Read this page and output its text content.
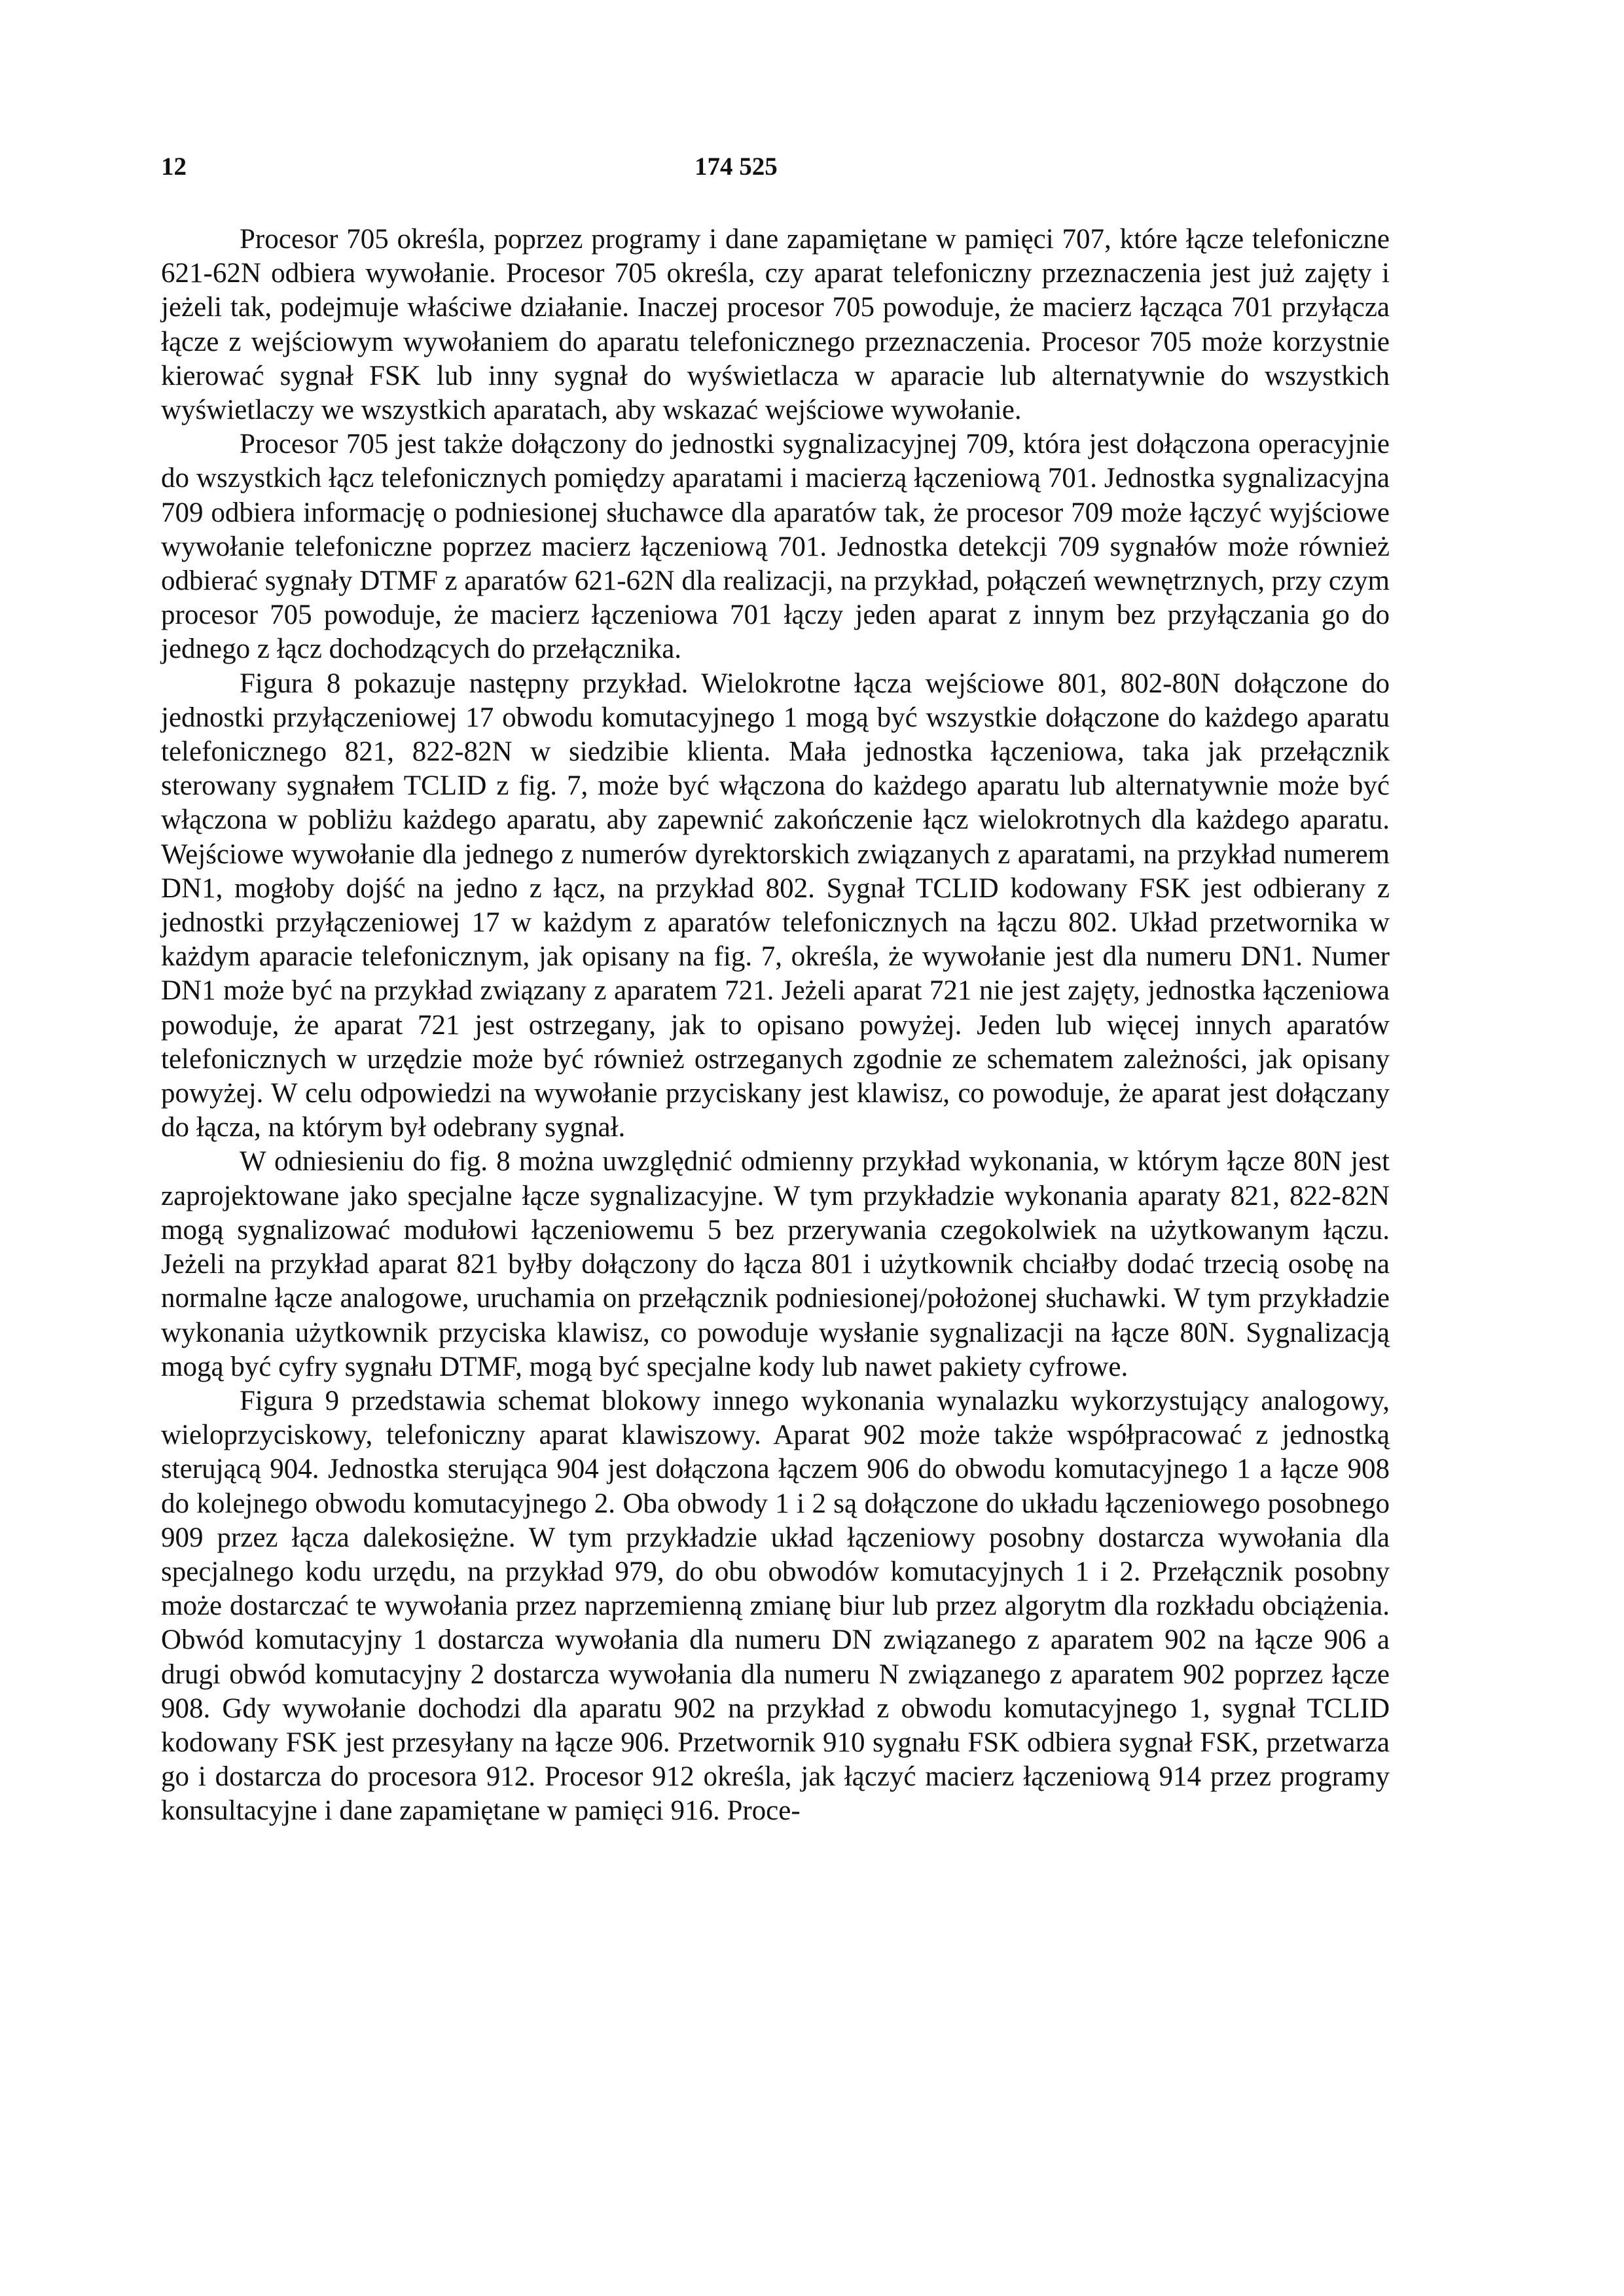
12	174 525

Procesor 705 określa, poprzez programy i dane zapamiętane w pamięci 707, które łącze telefoniczne 621-62N odbiera wywołanie. Procesor 705 określa, czy aparat telefoniczny przeznaczenia jest już zajęty i jeżeli tak, podejmuje właściwe działanie. Inaczej procesor 705 powoduje, że macierz łącząca 701 przyłącza łącze z wejściowym wywołaniem do aparatu telefonicznego przeznaczenia. Procesor 705 może korzystnie kierować sygnał FSK lub inny sygnał do wyświetlacza w aparacie lub alternatywnie do wszystkich wyświetlaczy we wszystkich aparatach, aby wskazać wejściowe wywołanie.

Procesor 705 jest także dołączony do jednostki sygnalizacyjnej 709, która jest dołączona operacyjnie do wszystkich łącz telefonicznych pomiędzy aparatami i macierzą łączeniową 701. Jednostka sygnalizacyjna 709 odbiera informację o podniesionej słuchawce dla aparatów tak, że procesor 709 może łączyć wyjściowe wywołanie telefoniczne poprzez macierz łączeniową 701. Jednostka detekcji 709 sygnałów może również odbierać sygnały DTMF z aparatów 621-62N dla realizacji, na przykład, połączeń wewnętrznych, przy czym procesor 705 powoduje, że macierz łączeniowa 701 łączy jeden aparat z innym bez przyłączania go do jednego z łącz dochodzących do przełącznika.

Figura 8 pokazuje następny przykład. Wielokrotne łącza wejściowe 801, 802-80N dołączone do jednostki przyłączeniowej 17 obwodu komutacyjnego 1 mogą być wszystkie dołączone do każdego aparatu telefonicznego 821, 822-82N w siedzibie klienta. Mała jednostka łączeniowa, taka jak przełącznik sterowany sygnałem TCLID z fig. 7, może być włączona do każdego aparatu lub alternatywnie może być włączona w pobliżu każdego aparatu, aby zapewnić zakończenie łącz wielokrotnych dla każdego aparatu. Wejściowe wywołanie dla jednego z numerów dyrektorskich związanych z aparatami, na przykład numerem DN1, mogłoby dojść na jedno z łącz, na przykład 802. Sygnał TCLID kodowany FSK jest odbierany z jednostki przyłączeniowej 17 w każdym z aparatów telefonicznych na łączu 802. Układ przetwornika w każdym aparacie telefonicznym, jak opisany na fig. 7, określa, że wywołanie jest dla numeru DN1. Numer DN1 może być na przykład związany z aparatem 721. Jeżeli aparat 721 nie jest zajęty, jednostka łączeniowa powoduje, że aparat 721 jest ostrzegany, jak to opisano powyżej. Jeden lub więcej innych aparatów telefonicznych w urzędzie może być również ostrzeganych zgodnie ze schematem zależności, jak opisany powyżej. W celu odpowiedzi na wywołanie przyciskany jest klawisz, co powoduje, że aparat jest dołączany do łącza, na którym był odebrany sygnał.

W odniesieniu do fig. 8 można uwzględnić odmienny przykład wykonania, w którym łącze 80N jest zaprojektowane jako specjalne łącze sygnalizacyjne. W tym przykładzie wykonania aparaty 821, 822-82N mogą sygnalizować modułowi łączeniowemu 5 bez przerywania czegokolwiek na użytkowanym łączu. Jeżeli na przykład aparat 821 byłby dołączony do łącza 801 i użytkownik chciałby dodać trzecią osobę na normalne łącze analogowe, uruchamia on przełącznik podniesionej/położonej słuchawki. W tym przykładzie wykonania użytkownik przyciska klawisz, co powoduje wysłanie sygnalizacji na łącze 80N. Sygnalizacją mogą być cyfry sygnału DTMF, mogą być specjalne kody lub nawet pakiety cyfrowe.

Figura 9 przedstawia schemat blokowy innego wykonania wynalazku wykorzystujący analogowy, wieloprzyciskowy, telefoniczny aparat klawiszowy. Aparat 902 może także współpracować z jednostką sterującą 904. Jednostka sterująca 904 jest dołączona łączem 906 do obwodu komutacyjnego 1 a łącze 908 do kolejnego obwodu komutacyjnego 2. Oba obwody 1 i 2 są dołączone do układu łączeniowego posobnego 909 przez łącza dalekosiężne. W tym przykładzie układ łączeniowy posobny dostarcza wywołania dla specjalnego kodu urzędu, na przykład 979, do obu obwodów komutacyjnych 1 i 2. Przełącznik posobny może dostarczać te wywołania przez naprzemienną zmianę biur lub przez algorytm dla rozkładu obciążenia. Obwód komutacyjny 1 dostarcza wywołania dla numeru DN związanego z aparatem 902 na łącze 906 a drugi obwód komutacyjny 2 dostarcza wywołania dla numeru N związanego z aparatem 902 poprzez łącze 908. Gdy wywołanie dochodzi dla aparatu 902 na przykład z obwodu komutacyjnego 1, sygnał TCLID kodowany FSK jest przesyłany na łącze 906. Przetwornik 910 sygnału FSK odbiera sygnał FSK, przetwarza go i dostarcza do procesora 912. Procesor 912 określa, jak łączyć macierz łączeniową 914 przez programy konsultacyjne i dane zapamiętane w pamięci 916. Proce-
